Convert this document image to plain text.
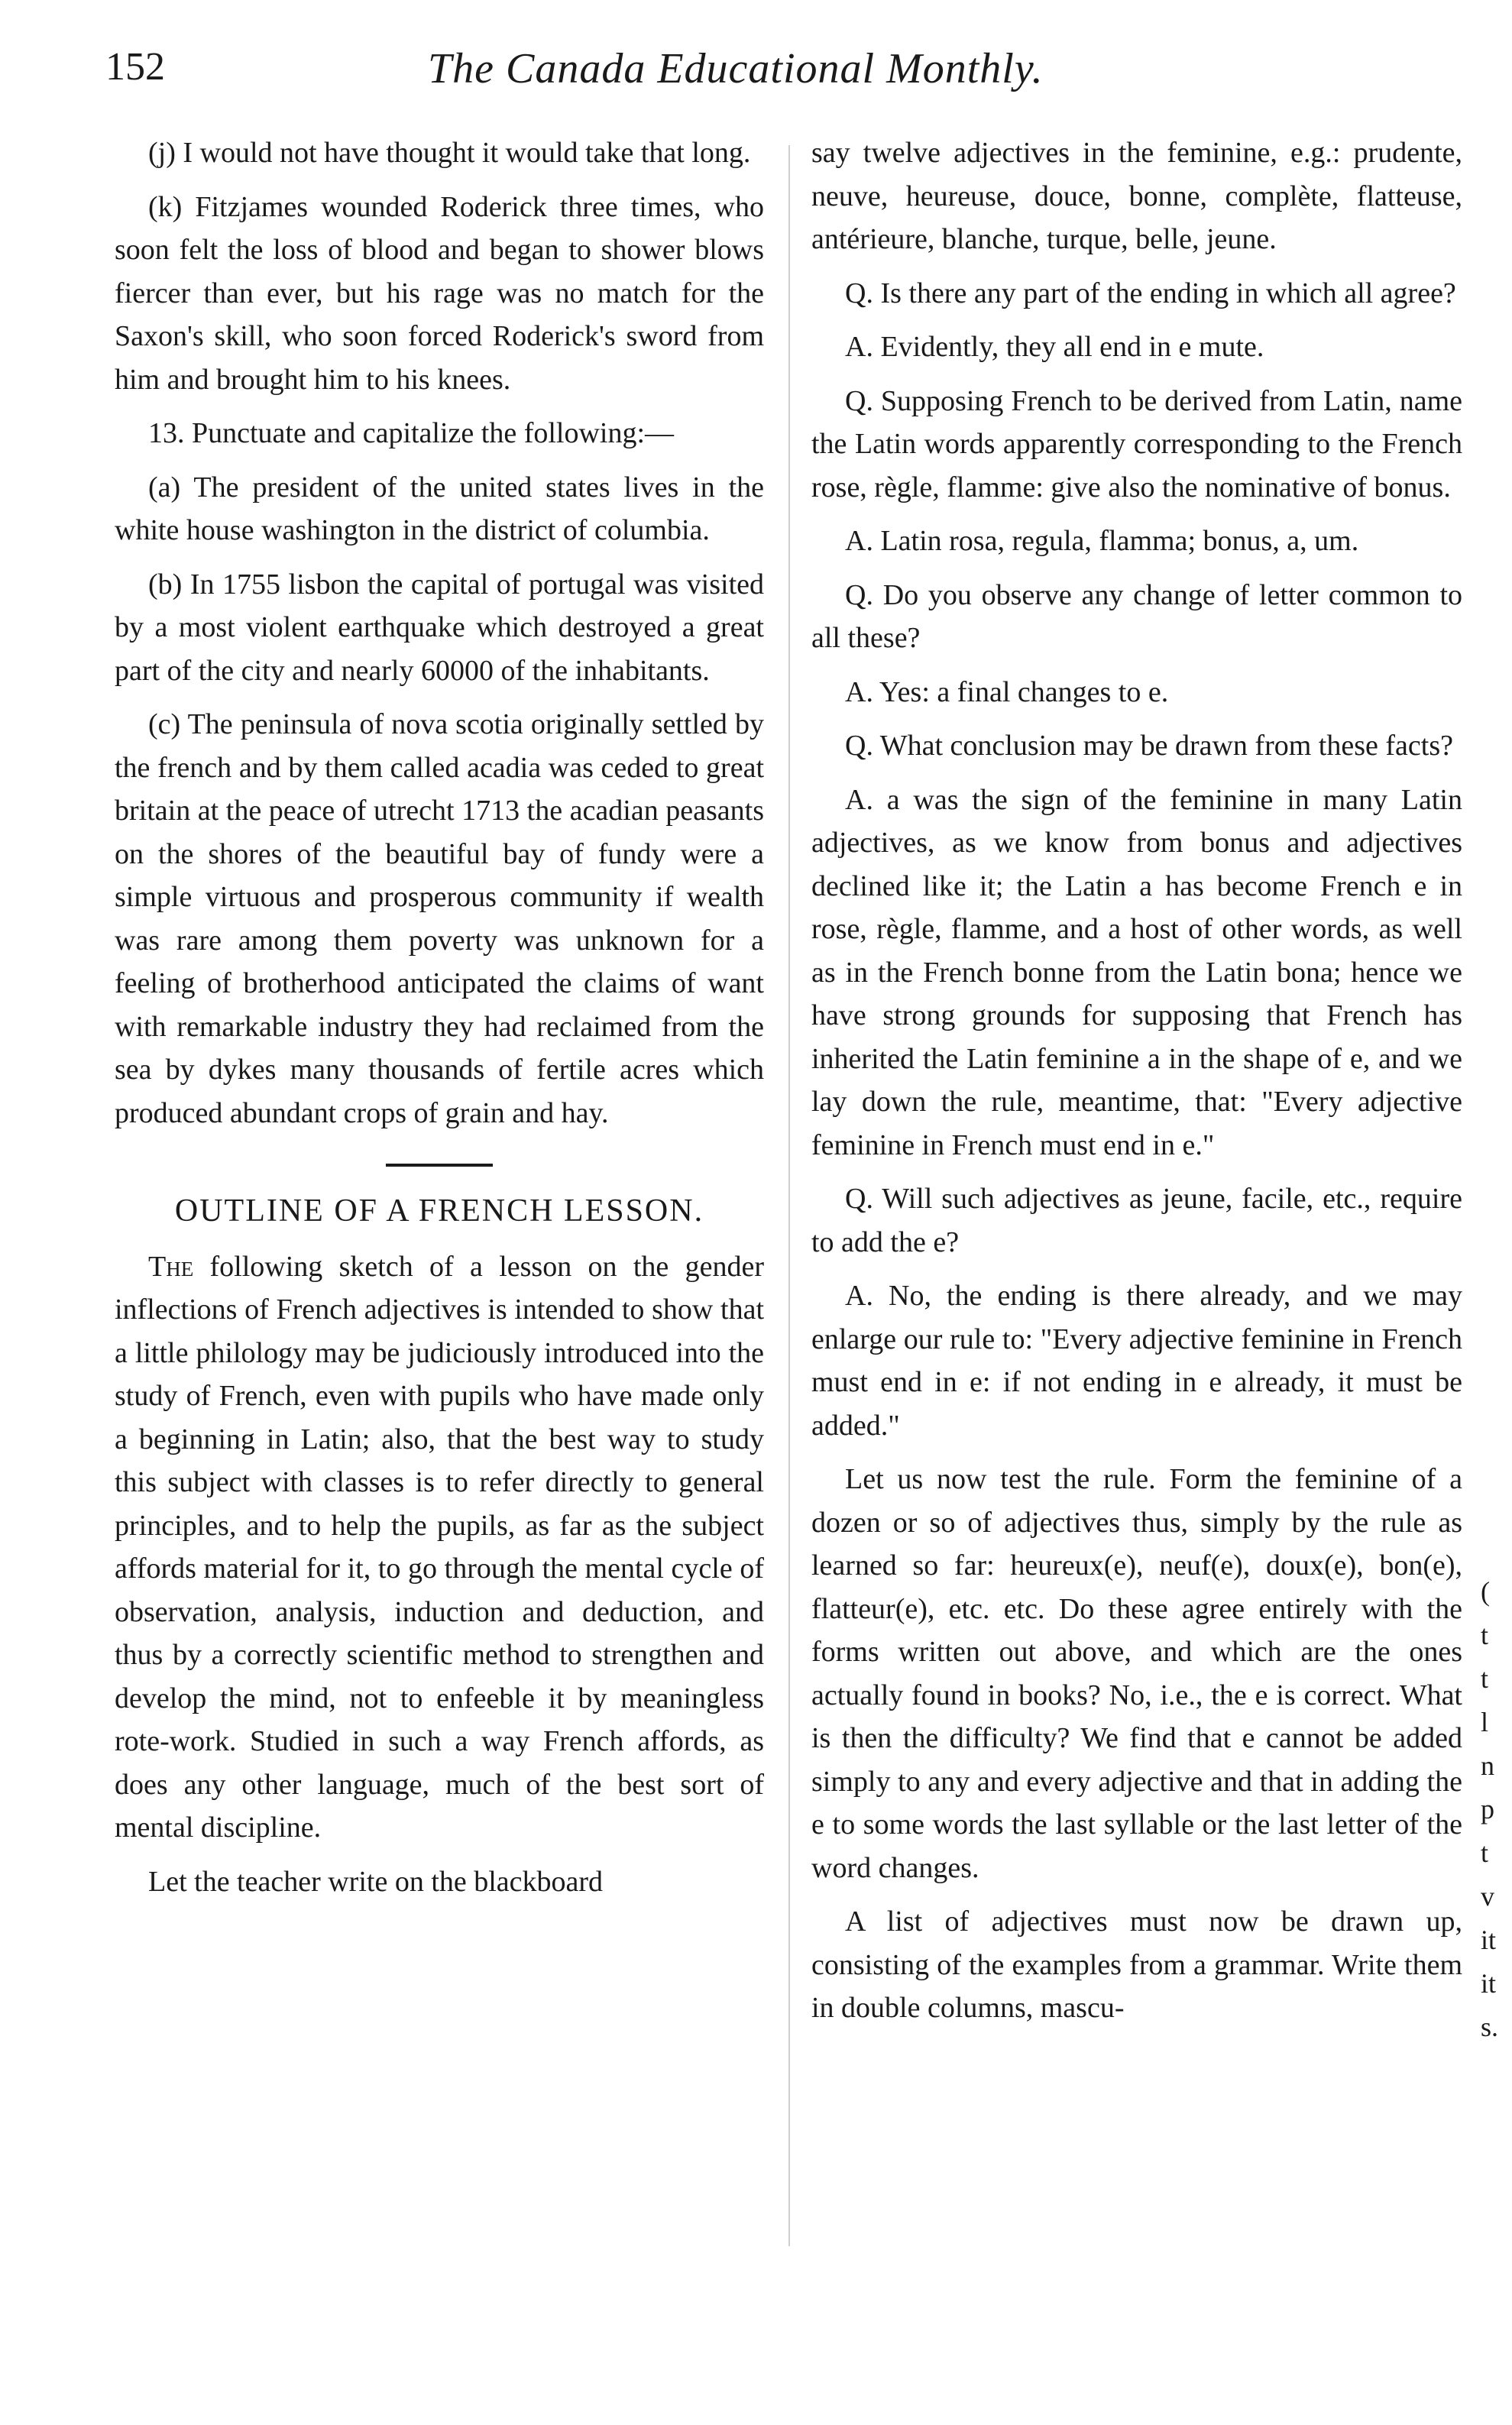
152	The Canada Educational Monthly.

(j) I would not have thought it would take that long.

(k) Fitzjames wounded Roderick three times, who soon felt the loss of blood and began to shower blows fiercer than ever, but his rage was no match for the Saxon's skill, who soon forced Roderick's sword from him and brought him to his knees.

13. Punctuate and capitalize the following:—

(a) The president of the united states lives in the white house washington in the district of columbia.

(b) In 1755 lisbon the capital of portugal was visited by a most violent earthquake which destroyed a great part of the city and nearly 60000 of the inhabitants.

(c) The peninsula of nova scotia originally settled by the french and by them called acadia was ceded to great britain at the peace of utrecht 1713 the acadian peasants on the shores of the beautiful bay of fundy were a simple virtuous and prosperous community if wealth was rare among them poverty was unknown for a feeling of brotherhood anticipated the claims of want with remarkable industry they had reclaimed from the sea by dykes many thousands of fertile acres which produced abundant crops of grain and hay.

OUTLINE OF A FRENCH LESSON.

The following sketch of a lesson on the gender inflections of French adjectives is intended to show that a little philology may be judiciously introduced into the study of French, even with pupils who have made only a beginning in Latin; also, that the best way to study this subject with classes is to refer directly to general principles, and to help the pupils, as far as the subject affords material for it, to go through the mental cycle of observation, analysis, induction and deduction, and thus by a correctly scientific method to strengthen and develop the mind, not to enfeeble it by meaningless rote-work. Studied in such a way French affords, as does any other language, much of the best sort of mental discipline.

Let the teacher write on the blackboard

say twelve adjectives in the feminine, e.g.: prudente, neuve, heureuse, douce, bonne, complète, flatteuse, antérieure, blanche, turque, belle, jeune.

Q. Is there any part of the ending in which all agree?

A. Evidently, they all end in e mute.

Q. Supposing French to be derived from Latin, name the Latin words apparently corresponding to the French rose, règle, flamme: give also the nominative of bonus.

A. Latin rosa, regula, flamma; bonus, a, um.

Q. Do you observe any change of letter common to all these?

A. Yes: a final changes to e.

Q. What conclusion may be drawn from these facts?

A. a was the sign of the feminine in many Latin adjectives, as we know from bonus and adjectives declined like it; the Latin a has become French e in rose, règle, flamme, and a host of other words, as well as in the French bonne from the Latin bona; hence we have strong grounds for supposing that French has inherited the Latin feminine a in the shape of e, and we lay down the rule, meantime, that: "Every adjective feminine in French must end in e."

Q. Will such adjectives as jeune, facile, etc., require to add the e?

A. No, the ending is there already, and we may enlarge our rule to: "Every adjective feminine in French must end in e: if not ending in e already, it must be added."

Let us now test the rule. Form the feminine of a dozen or so of adjectives thus, simply by the rule as learned so far: heureux(e), neuf(e), doux(e), bon(e), flatteur(e), etc. etc. Do these agree entirely with the forms written out above, and which are the ones actually found in books? No, i.e., the e is correct. What is then the difficulty? We find that e cannot be added simply to any and every adjective and that in adding the e to some words the last syllable or the last letter of the word changes.

A list of adjectives must now be drawn up, consisting of the examples from a grammar. Write them in double columns, mascu-

(
t
t
l
n
p
t
v
it
it
s.
